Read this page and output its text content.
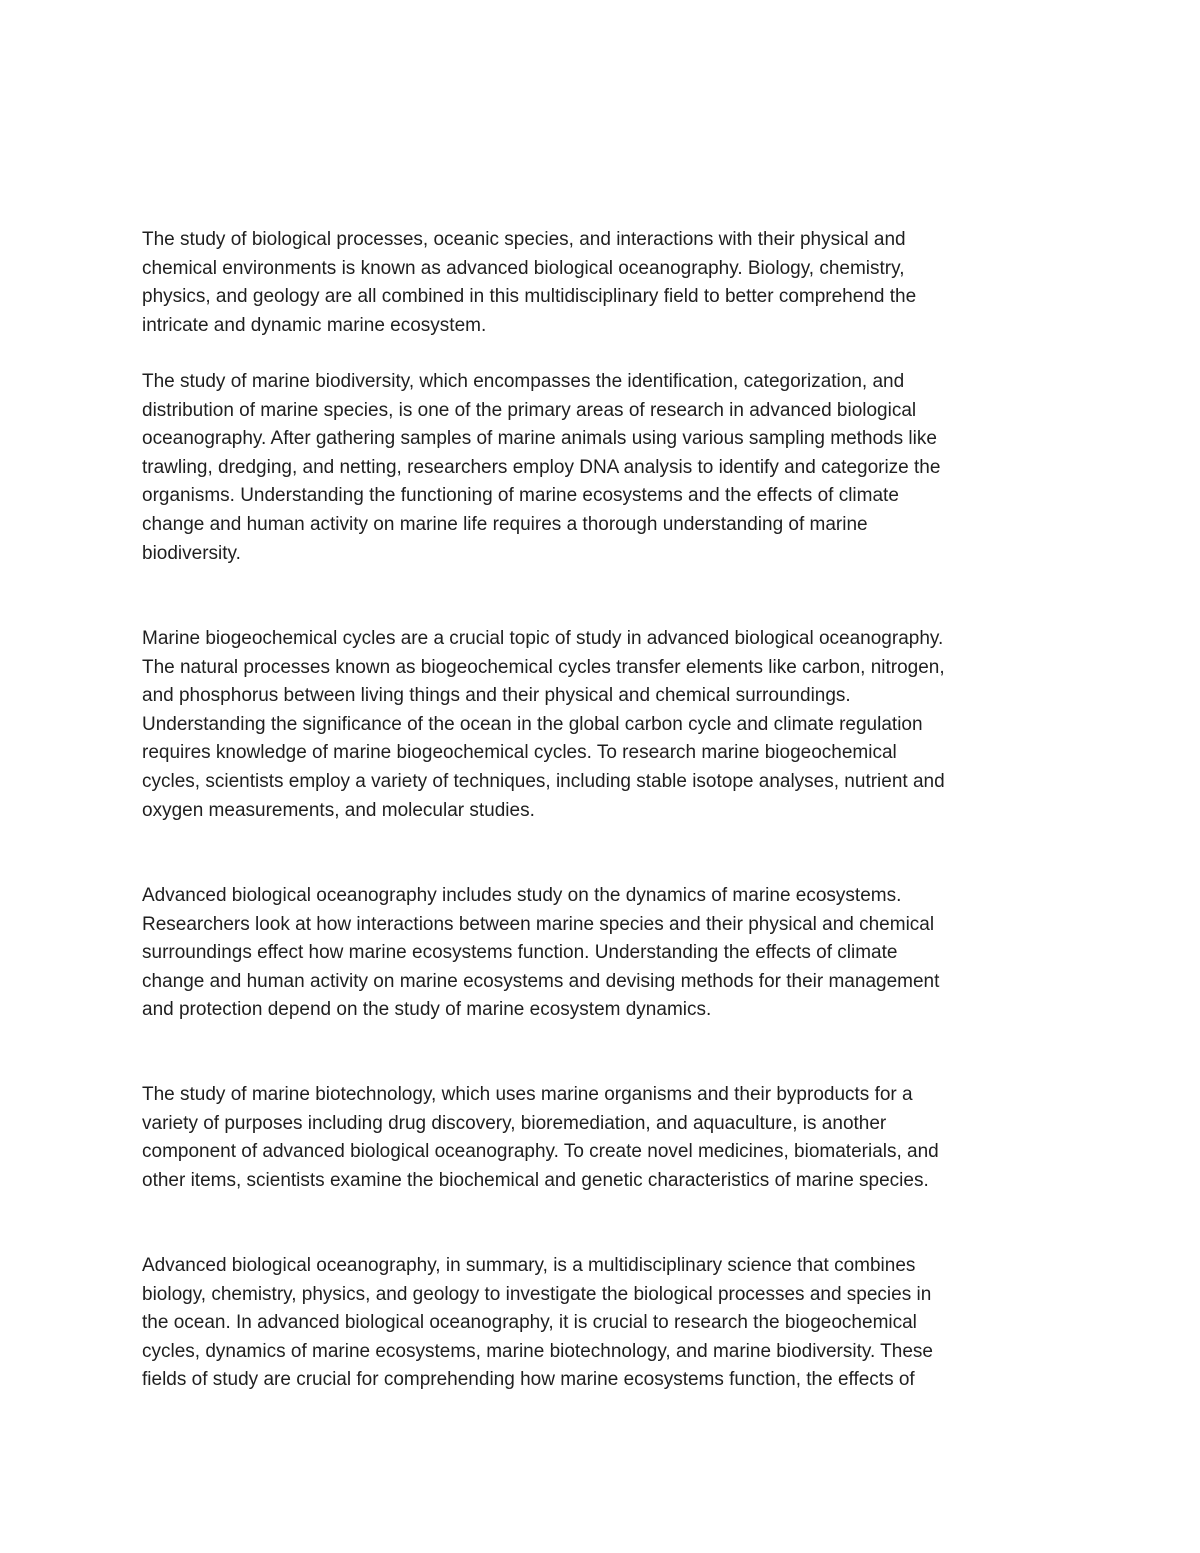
The study of biological processes, oceanic species, and interactions with their physical and
chemical environments is known as advanced biological oceanography. Biology, chemistry,
physics, and geology are all combined in this multidisciplinary field to better comprehend the
intricate and dynamic marine ecosystem.

The study of marine biodiversity, which encompasses the identification, categorization, and
distribution of marine species, is one of the primary areas of research in advanced biological
oceanography. After gathering samples of marine animals using various sampling methods like
trawling, dredging, and netting, researchers employ DNA analysis to identify and categorize the
organisms. Understanding the functioning of marine ecosystems and the effects of climate
change and human activity on marine life requires a thorough understanding of marine
biodiversity.

Marine biogeochemical cycles are a crucial topic of study in advanced biological oceanography.
The natural processes known as biogeochemical cycles transfer elements like carbon, nitrogen,
and phosphorus between living things and their physical and chemical surroundings.
Understanding the significance of the ocean in the global carbon cycle and climate regulation
requires knowledge of marine biogeochemical cycles. To research marine biogeochemical
cycles, scientists employ a variety of techniques, including stable isotope analyses, nutrient and
oxygen measurements, and molecular studies.

Advanced biological oceanography includes study on the dynamics of marine ecosystems.
Researchers look at how interactions between marine species and their physical and chemical
surroundings effect how marine ecosystems function. Understanding the effects of climate
change and human activity on marine ecosystems and devising methods for their management
and protection depend on the study of marine ecosystem dynamics.

The study of marine biotechnology, which uses marine organisms and their byproducts for a
variety of purposes including drug discovery, bioremediation, and aquaculture, is another
component of advanced biological oceanography. To create novel medicines, biomaterials, and
other items, scientists examine the biochemical and genetic characteristics of marine species.

Advanced biological oceanography, in summary, is a multidisciplinary science that combines
biology, chemistry, physics, and geology to investigate the biological processes and species in
the ocean. In advanced biological oceanography, it is crucial to research the biogeochemical
cycles, dynamics of marine ecosystems, marine biotechnology, and marine biodiversity. These
fields of study are crucial for comprehending how marine ecosystems function, the effects of
